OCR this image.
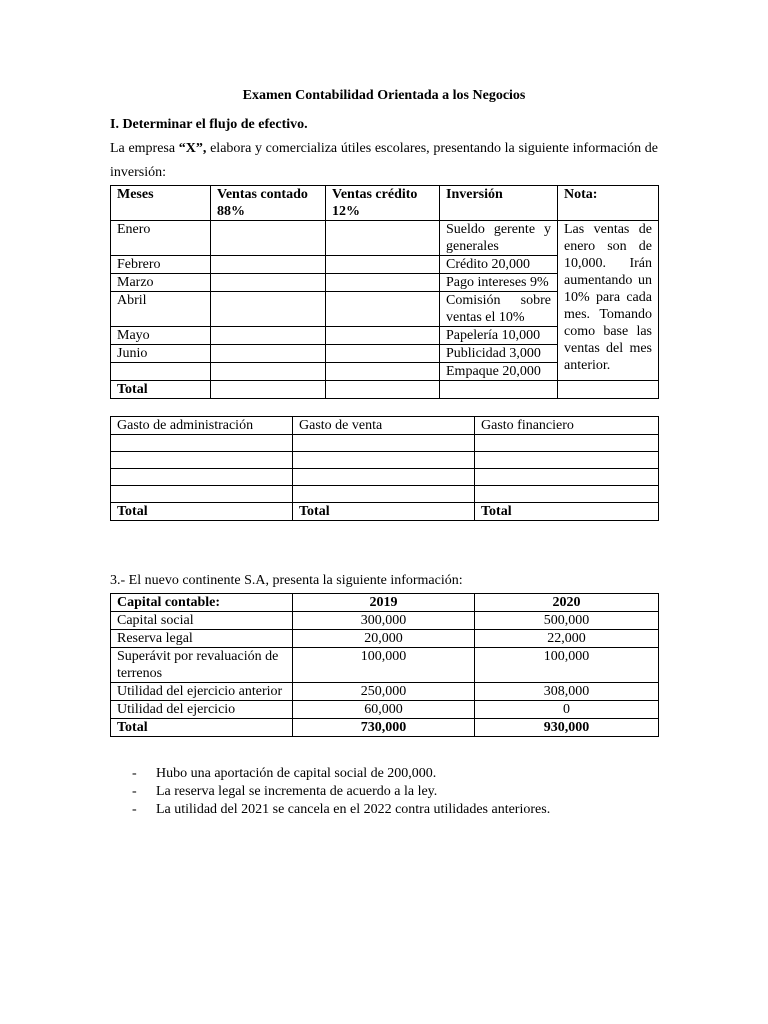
Examen Contabilidad Orientada a los Negocios

I. Determinar el flujo de efectivo.
La empresa “X”, elabora y comercializa útiles escolares, presentando la siguiente información de inversión:
Meses	Ventas contado 88%	Ventas crédito 12%	Inversión	Nota:
Enero			Sueldo gerente y generales	Las ventas de enero son de 10,000. Irán aumentando un 10% para cada mes. Tomando como base las ventas del mes anterior.
Febrero			Crédito 20,000	
Marzo			Pago intereses 9%	
Abril			Comisión sobre ventas el 10%	
Mayo			Papelería 10,000	
Junio			Publicidad 3,000	
			Empaque 20,000	
Total				
Gasto de administración	Gasto de venta	Gasto financiero

Total	Total	Total
3.- El nuevo continente S.A, presenta la siguiente información:
Capital contable:	2019	2020
Capital social	300,000	500,000
Reserva legal	20,000	22,000
Superávit por revaluación de terrenos	100,000	100,000
Utilidad del ejercicio anterior	250,000	308,000
Utilidad del ejercicio	60,000	0
Total	730,000	930,000
- Hubo una aportación de capital social de 200,000.
- La reserva legal se incrementa de acuerdo a la ley.
- La utilidad del 2021 se cancela en el 2022 contra utilidades anteriores.
